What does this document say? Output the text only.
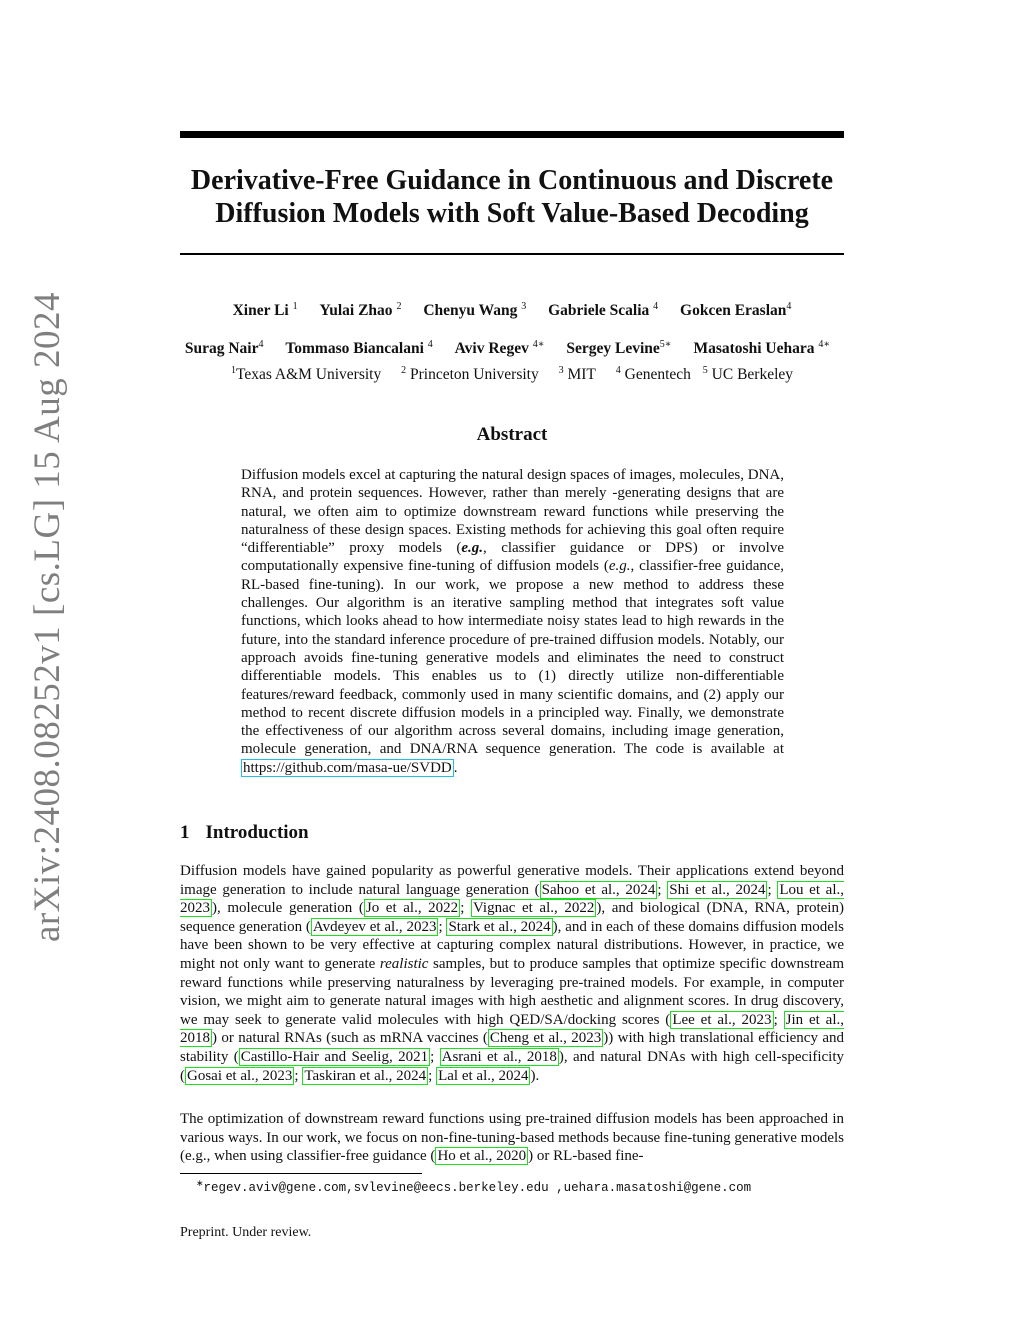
arXiv:2408.08252v1 [cs.LG] 15 Aug 2024
Derivative-Free Guidance in Continuous and Discrete
Diffusion Models with Soft Value-Based Decoding
Xiner Li $^1$ Yulai Zhao $^2$ Chenyu Wang $^3$ Gabriele Scalia $^4$ Gokcen Eraslan$^4$
Surag Nair$^4$ Tommaso Biancalani $^4$ Aviv Regev $^{4∗}$ Sergey Levine$^{5∗}$ Masatoshi Uehara $^{4∗}$
$^1$Texas A&M University $^2$ Princeton University $^3$ MIT $^4$ Genentech $^5$ UC Berkeley
Abstract
Diffusion models excel at capturing the natural design spaces of images, molecules, DNA, RNA, and protein sequences. However, rather than merely -generating designs that are natural, we often aim to optimize downstream reward functions while preserving the naturalness of these design spaces. Existing methods for achieving this goal often require “differentiable” proxy models (e.g., classifier guidance or DPS) or involve computationally expensive fine-tuning of diffusion models (e.g., classifier-free guidance, RL-based fine-tuning). In our work, we propose a new method to address these challenges. Our algorithm is an iterative sampling method that integrates soft value functions, which looks ahead to how intermediate noisy states lead to high rewards in the future, into the standard inference procedure of pre-trained diffusion models. Notably, our approach avoids fine-tuning generative models and eliminates the need to construct differentiable models. This enables us to (1) directly utilize non-differentiable features/reward feedback, commonly used in many scientific domains, and (2) apply our method to recent discrete diffusion models in a principled way. Finally, we demonstrate the effectiveness of our algorithm across several domains, including image generation, molecule generation, and DNA/RNA sequence generation. The code is available at https://github.com/masa-ue/SVDD .
1 Introduction
Diffusion models have gained popularity as powerful generative models. Their applications extend beyond image generation to include natural language generation ( Sahoo et al., 2024 ; Shi et al., 2024 ; Lou et al., 2023 ), molecule generation ( Jo et al., 2022 ; Vignac et al., 2022 ), and biological (DNA, RNA, protein) sequence generation ( Avdeyev et al., 2023 ; Stark et al., 2024 ), and in each of these domains diffusion models have been shown to be very effective at capturing complex natural distributions. However, in practice, we might not only want to generate realistic samples, but to produce samples that optimize specific downstream reward functions while preserving naturalness by leveraging pre-trained models. For example, in computer vision, we might aim to generate natural images with high aesthetic and alignment scores. In drug discovery, we may seek to generate valid molecules with high QED/SA/docking scores ( Lee et al., 2023 ; Jin et al., 2018 ) or natural RNAs (such as mRNA vaccines ( Cheng et al., 2023 )) with high translational efficiency and stability ( Castillo-Hair and Seelig, 2021 ; Asrani et al., 2018 ), and natural DNAs with high cell-specificity ( Gosai et al., 2023 ; Taskiran et al., 2024 ; Lal et al., 2024 ).
The optimization of downstream reward functions using pre-trained diffusion models has been approached in various ways. In our work, we focus on non-fine-tuning-based methods because fine-tuning generative models (e.g., when using classifier-free guidance ( Ho et al., 2020 ) or RL-based fine-
∗regev.aviv@gene.com,svlevine@eecs.berkeley.edu ,uehara.masatoshi@gene.com
Preprint. Under review.
